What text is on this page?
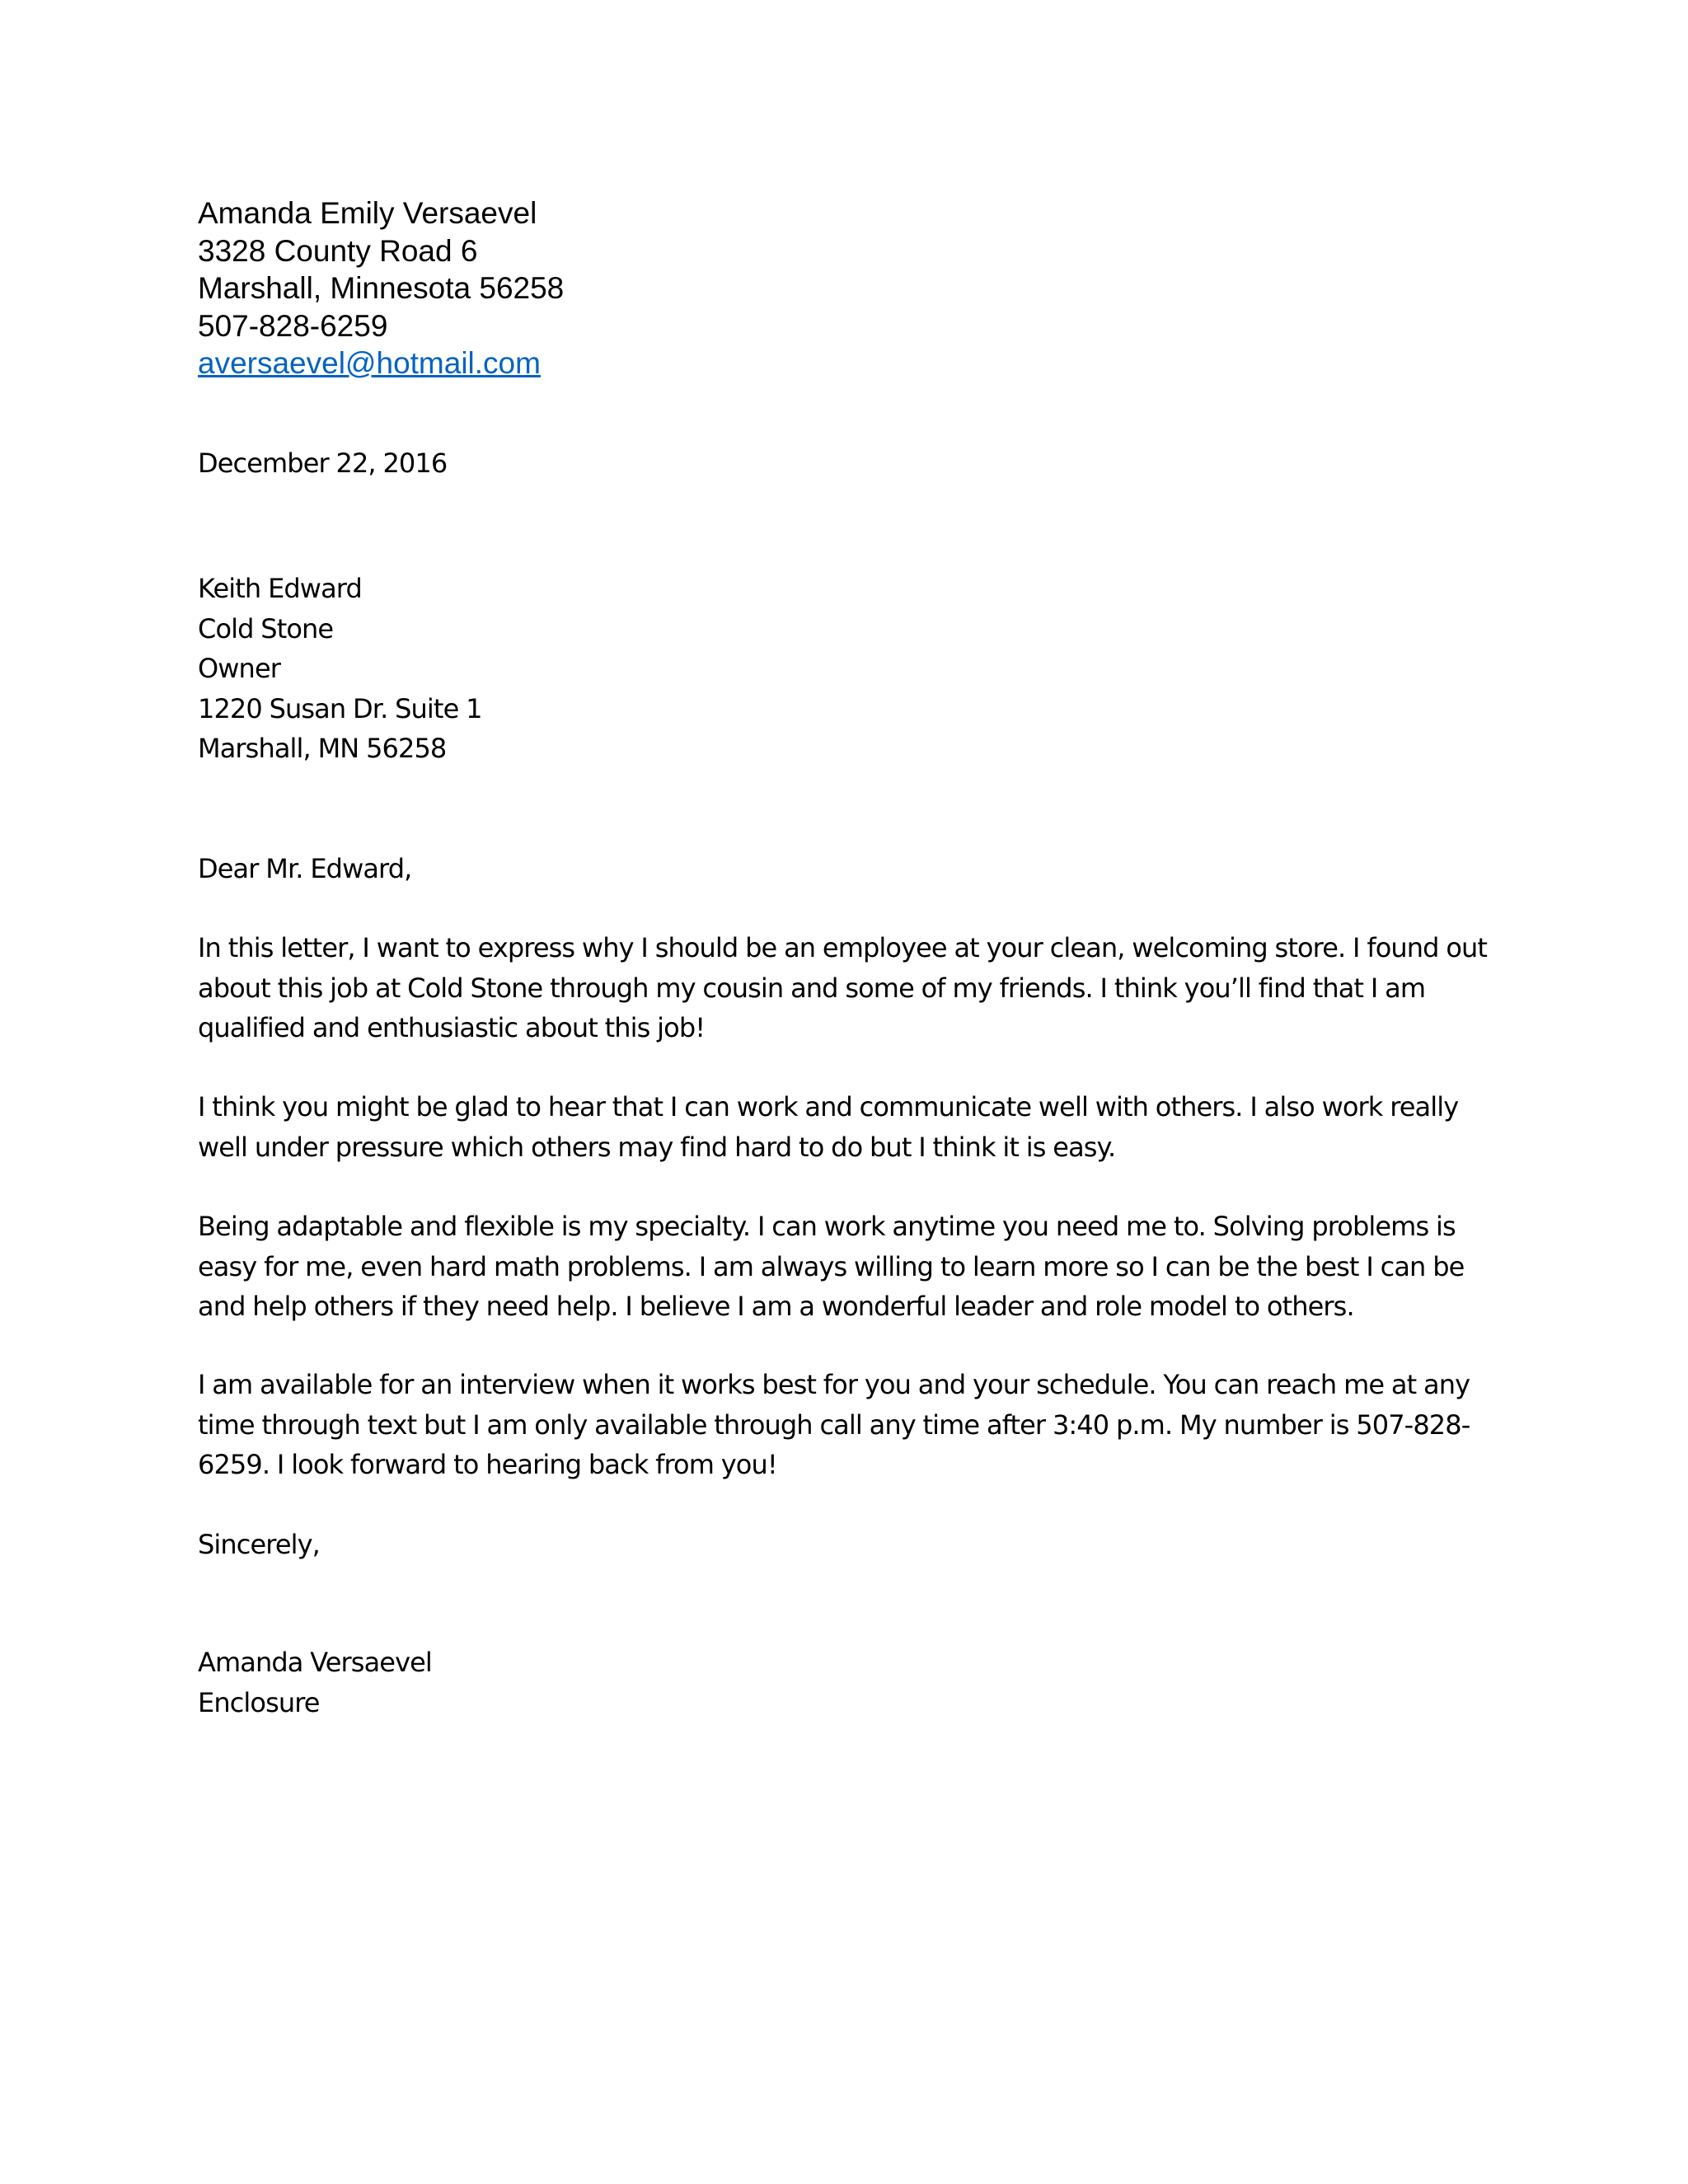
Amanda Emily Versaevel
3328 County Road 6
Marshall, Minnesota 56258
507-828-6259
aversaevel@hotmail.com
December 22, 2016
Keith Edward
Cold Stone
Owner
1220 Susan Dr. Suite 1
Marshall, MN 56258
Dear Mr. Edward,
In this letter, I want to express why I should be an employee at your clean, welcoming store. I found out
about this job at Cold Stone through my cousin and some of my friends. I think you’ll find that I am
qualified and enthusiastic about this job!
I think you might be glad to hear that I can work and communicate well with others. I also work really
well under pressure which others may find hard to do but I think it is easy.
Being adaptable and flexible is my specialty. I can work anytime you need me to. Solving problems is
easy for me, even hard math problems. I am always willing to learn more so I can be the best I can be
and help others if they need help. I believe I am a wonderful leader and role model to others.
I am available for an interview when it works best for you and your schedule. You can reach me at any
time through text but I am only available through call any time after 3:40 p.m. My number is 507-828-
6259. I look forward to hearing back from you!
Sincerely,
Amanda Versaevel
Enclosure
